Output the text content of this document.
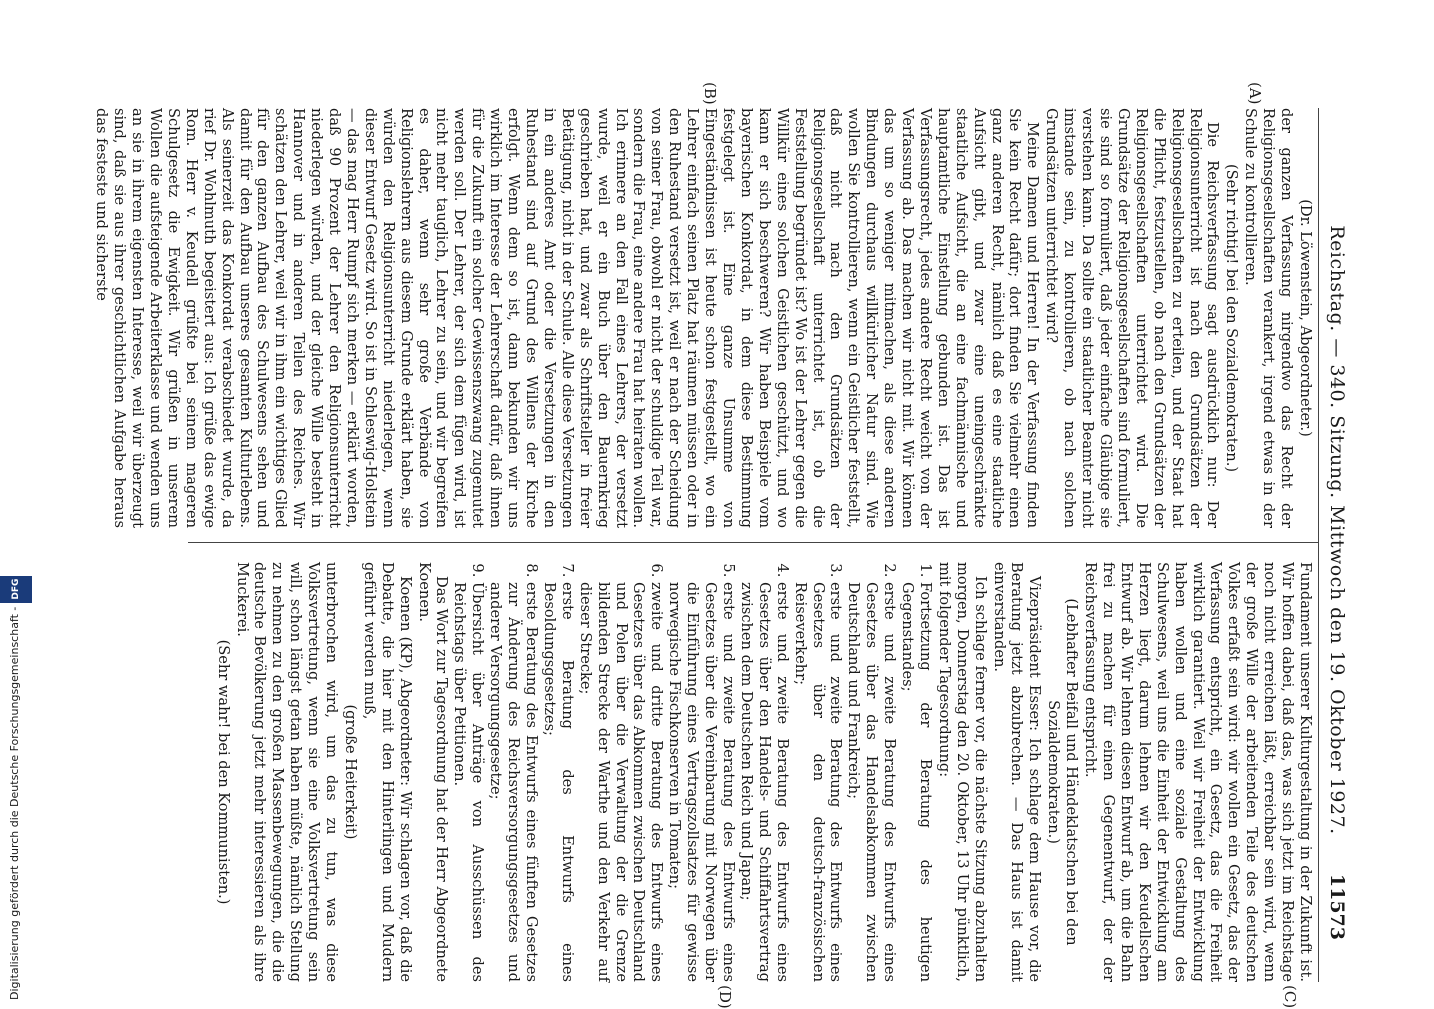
Reichstag. — 340. Sitzung. Mittwoch den 19. Oktober 1927.
11573
(A)
(B)
(C)
(D)

(Dr. Löwenstein, Abgeordneter.)

der ganzen Verfassung nirgendwo das Recht der Religionsgesellschaften verankert, irgend etwas in der Schule zu kontrollieren.

(Sehr richtig! bei den Sozialdemokraten.)

Die Reichsverfassung sagt ausdrücklich nur: Der Religionsunterricht ist nach den Grundsätzen der Religionsgesellschaften zu erteilen, und der Staat hat die Pflicht, festzustellen, ob nach den Grundsätzen der Religionsgesellschaften unterrichtet wird. Die Grundsätze der Religionsgesellschaften sind formuliert, sie sind so formuliert, daß jeder einfache Gläubige sie verstehen kann. Da sollte ein staatlicher Beamter nicht imstande sein, zu kontrollieren, ob nach solchen Grundsätzen unterrichtet wird?

Meine Damen und Herren! In der Verfassung finden Sie kein Recht dafür; dort finden Sie vielmehr einen ganz anderen Recht, nämlich daß es eine staatliche Aufsicht gibt, und zwar eine uneingeschränkte staatliche Aufsicht, die an eine fachmännische und hauptamtliche Einstellung gebunden ist. Das ist Verfassungsrecht, jedes andere Recht weicht von der Verfassung ab. Das machen wir nicht mit. Wir können das um so weniger mitmachen, als diese anderen Bindungen durchaus willkürlicher Natur sind. Wie wollen Sie kontrollieren, wenn ein Geistlicher feststellt, daß nicht nach den Grundsätzen der Religionsgesellschaft unterrichtet ist, ob die Feststellung begründet ist? Wo ist der Lehrer gegen die Willkür eines solchen Geistlichen geschützt, und wo kann er sich beschweren? Wir haben Beispiele vom bayerischen Konkordat, in dem diese Bestimmung festgelegt ist. Eine ganze Unsumme von Eingeständnissen ist heute schon festgestellt, wo ein Lehrer einfach seinen Platz hat räumen müssen oder in den Ruhestand versetzt ist, weil er nach der Scheidung von seiner Frau, obwohl er nicht der schuldige Teil war, sondern die Frau, eine andere Frau hat heiraten wollen. Ich erinnere an den Fall eines Lehrers, der versetzt wurde, weil er ein Buch über den Bauernkrieg geschrieben hat, und zwar als Schriftsteller in freier Betätigung, nicht in der Schule. Alle diese Versetzungen in ein anderes Amt oder die Versetzungen in den Ruhestand sind auf Grund des Willens der Kirche erfolgt. Wenn dem so ist, dann bekunden wir uns wirklich im Interesse der Lehrerschaft dafür, daß ihnen für die Zukunft ein solcher Gewissenszwang zugemutet werden soll. Der Lehrer, der sich dem fügen wird, ist nicht mehr tauglich, Lehrer zu sein, und wir begreifen es daher, wenn sehr große Verbände von Religionslehrern aus diesem Grunde erklärt haben, sie würden den Religionsunterricht niederlegen, wenn dieser Entwurf Gesetz wird. So ist in Schleswig-Holstein — das mag Herr Rumpf sich merken — erklärt worden, daß 90 Prozent der Lehrer den Religionsunterricht niederlegen würden, und der gleiche Wille besteht in Hannover und in anderen Teilen des Reiches. Wir schätzen den Lehrer, weil wir in ihm ein wichtiges Glied für den ganzen Aufbau des Schulwesens sehen und damit für den Aufbau unseres gesamten Kulturlebens. Als seinerzeit das Konkordat verabschiedet wurde, da rief Dr. Wohlmuth begeistert aus: Ich grüße das ewige Rom. Herr v. Keudell grüßte bei seinem mageren Schulgesetz die Ewigkeit. Wir grüßen in unserem Wollen die aufsteigende Arbeiterklasse und wenden uns an sie in ihrem eigensten Interesse, weil wir überzeugt sind, daß sie aus ihrer geschichtlichen Aufgabe heraus das festeste und sicherste

Fundament unserer Kulturgestaltung in der Zukunft ist. Wir hoffen dabei, daß das, was sich jetzt im Reichstage noch nicht erreichen läßt, erreichbar sein wird, wenn der große Wille der arbeitenden Teile des deutschen Volkes erfaßt sein wird: wir wollen ein Gesetz, das der Verfassung entspricht, ein Gesetz, das die Freiheit wirklich garantiert. Weil wir Freiheit der Entwicklung haben wollen und eine soziale Gestaltung des Schulwesens, weil uns die Einheit der Entwicklung am Herzen liegt, darum lehnen wir den Keudellschen Entwurf ab. Wir lehnen diesen Entwurf ab, um die Bahn frei zu machen für einen Gegenentwurf, der der Reichsverfassung entspricht.

(Lebhafter Beifall und Händeklatschen bei den Sozialdemokraten.)

Vizepräsident Esser: Ich schlage dem Hause vor, die Beratung jetzt abzubrechen. — Das Haus ist damit einverstanden.

Ich schlage ferner vor, die nächste Sitzung abzuhalten morgen, Donnerstag den 20. Oktober, 13 Uhr pünktlich, mit folgender Tagesordnung:

1. Fortsetzung der Beratung des heutigen Gegenstandes;
2. erste und zweite Beratung des Entwurfs eines Gesetzes über das Handelsabkommen zwischen Deutschland und Frankreich;
3. erste und zweite Beratung des Entwurfs eines Gesetzes über den deutsch-französischen Reiseverkehr;
4. erste und zweite Beratung des Entwurfs eines Gesetzes über den Handels- und Schiffahrtsvertrag zwischen dem Deutschen Reich und Japan;
5. erste und zweite Beratung des Entwurfs eines Gesetzes über die Vereinbarung mit Norwegen über die Einführung eines Vertragszollsatzes für gewisse norwegische Fischkonserven in Tomaten;
6. zweite und dritte Beratung des Entwurfs eines Gesetzes über das Abkommen zwischen Deutschland und Polen über die Verwaltung der die Grenze bildenden Strecke der Warthe und den Verkehr auf dieser Strecke;
7. erste Beratung des Entwurfs eines Besoldungsgesetzes;
8. erste Beratung des Entwurfs eines fünften Gesetzes zur Änderung des Reichsversorgungsgesetzes und anderer Versorgungsgesetze;
9. Übersicht über Anträge von Ausschüssen des Reichstags über Petitionen.

Das Wort zur Tagesordnung hat der Herr Abgeordnete Koenen.

Koenen (KP), Abgeordneter: Wir schlagen vor, daß die Debatte, die hier mit den Hinterlingen und Mudern geführt werden muß,

(große Heiterkeit)

unterbrochen wird, um das zu tun, was diese Volksvertretung, wenn sie eine Volksvertretung sein will, schon längst getan haben müßte, nämlich Stellung zu nehmen zu den großen Massenbewegungen, die die deutsche Bevölkerung jetzt mehr interessieren als ihre Muckerei.

(Sehr wahr! bei den Kommunisten.)

Digitalisierung gefördert durch die Deutsche Forschungsgemeinschaft -DFG
